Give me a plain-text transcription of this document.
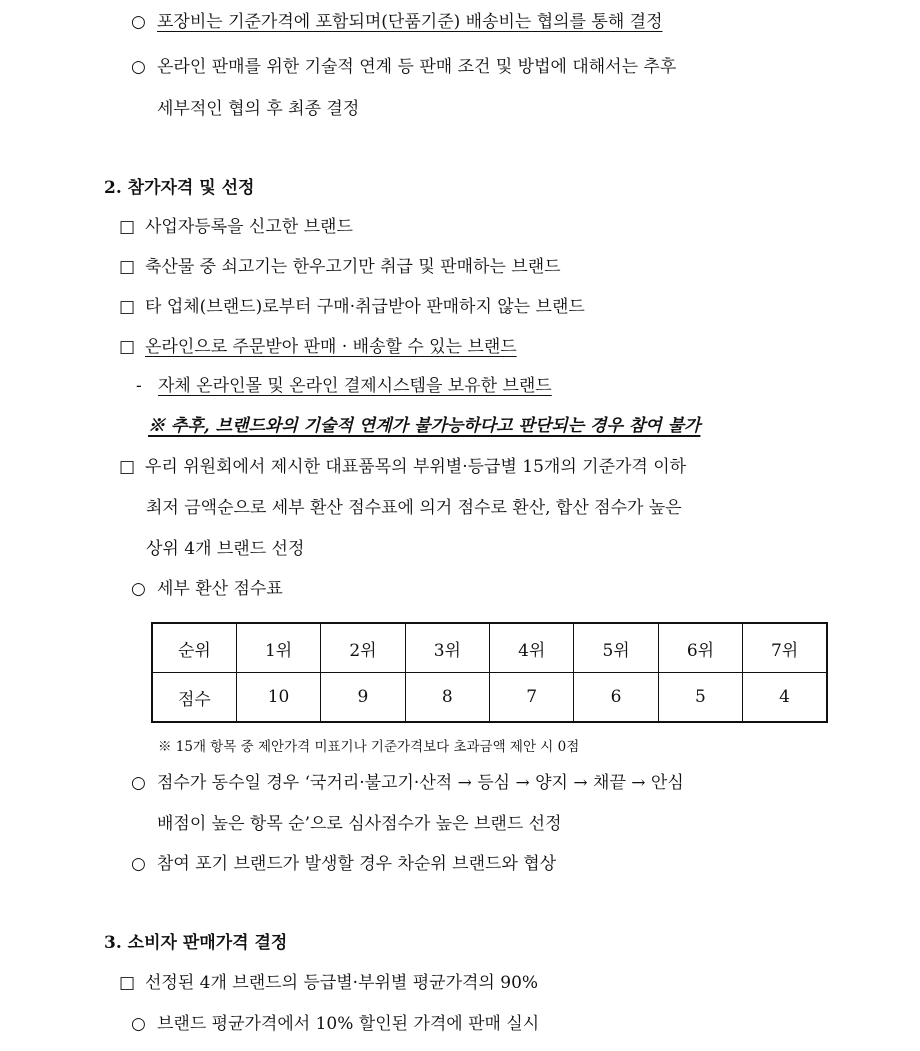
○ 포장비는 기준가격에 포함되며(단품기준) 배송비는 협의를 통해 결정
○ 온라인 판매를 위한 기술적 연계 등 판매 조건 및 방법에 대해서는 추후
세부적인 협의 후 최종 결정
2. 참가자격 및 선정
□ 사업자등록을 신고한 브랜드
□ 축산물 중 쇠고기는 한우고기만 취급 및 판매하는 브랜드
□ 타 업체(브랜드)로부터 구매·취급받아 판매하지 않는 브랜드
□ 온라인으로 주문받아 판매 · 배송할 수 있는 브랜드
- 자체 온라인몰 및 온라인 결제시스템을 보유한 브랜드
※ 추후, 브랜드와의 기술적 연계가 불가능하다고 판단되는 경우 참여 불가
□ 우리 위원회에서 제시한 대표품목의 부위별·등급별 15개의 기준가격 이하
최저 금액순으로 세부 환산 점수표에 의거 점수로 환산, 합산 점수가 높은
상위 4개 브랜드 선정
○ 세부 환산 점수표
순위	1위	2위	3위	4위	5위	6위	7위
점수	10	9	8	7	6	5	4
※ 15개 항목 중 제안가격 미표기나 기준가격보다 초과금액 제안 시 0점
○ 점수가 동수일 경우 ‘국거리·불고기·산적 → 등심 → 양지 → 채끝 → 안심
배점이 높은 항목 순’으로 심사점수가 높은 브랜드 선정
○ 참여 포기 브랜드가 발생할 경우 차순위 브랜드와 협상
3. 소비자 판매가격 결정
□ 선정된 4개 브랜드의 등급별·부위별 평균가격의 90%
○ 브랜드 평균가격에서 10% 할인된 가격에 판매 실시
